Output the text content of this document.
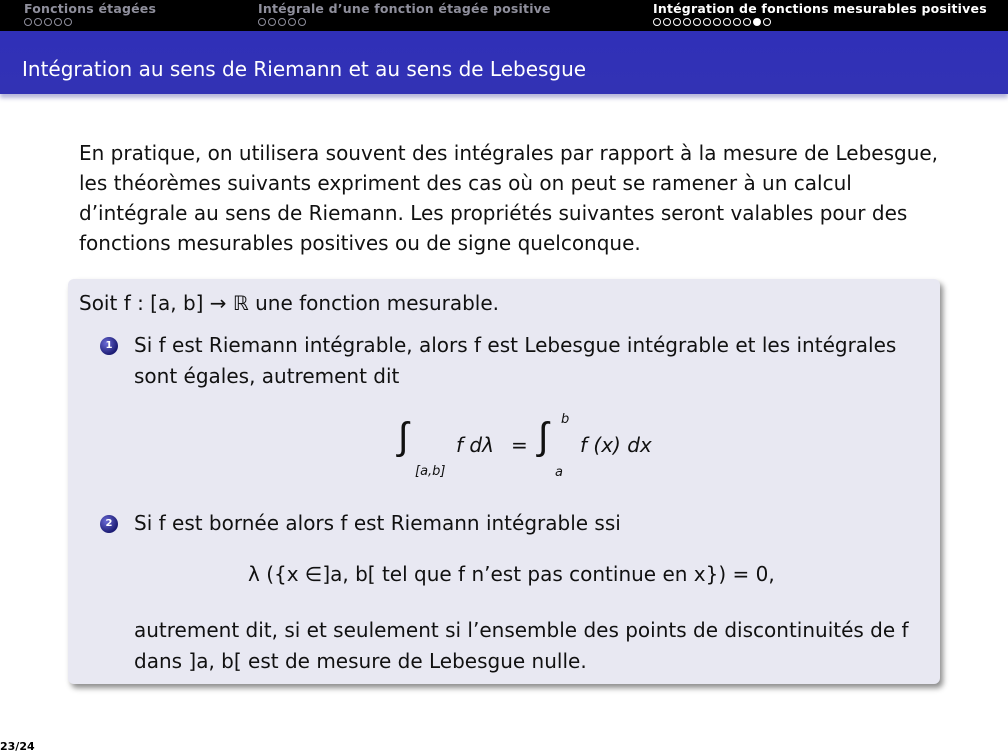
Fonctions étagées	Intégrale d’une fonction étagée positive	Intégration de fonctions mesurables positives
Intégration au sens de Riemann et au sens de Lebesgue
En pratique, on utilisera souvent des intégrales par rapport à la mesure de Lebesgue, les théorèmes suivants expriment des cas où on peut se ramener à un calcul d’intégrale au sens de Riemann. Les propriétés suivantes seront valables pour des fonctions mesurables positives ou de signe quelconque.
Soit f : [a, b] → ℝ une fonction mesurable.
1 Si f est Riemann intégrable, alors f est Lebesgue intégrable et les intégrales sont égales, autrement dit
∫
[a,b]
f dλ = ∫ b
a
f (x) dx
2 Si f est bornée alors f est Riemann intégrable ssi
λ ({x ∈]a, b[ tel que f n’est pas continue en x}) = 0,
autrement dit, si et seulement si l’ensemble des points de discontinuités de f dans ]a, b[ est de mesure de Lebesgue nulle.
23/24
